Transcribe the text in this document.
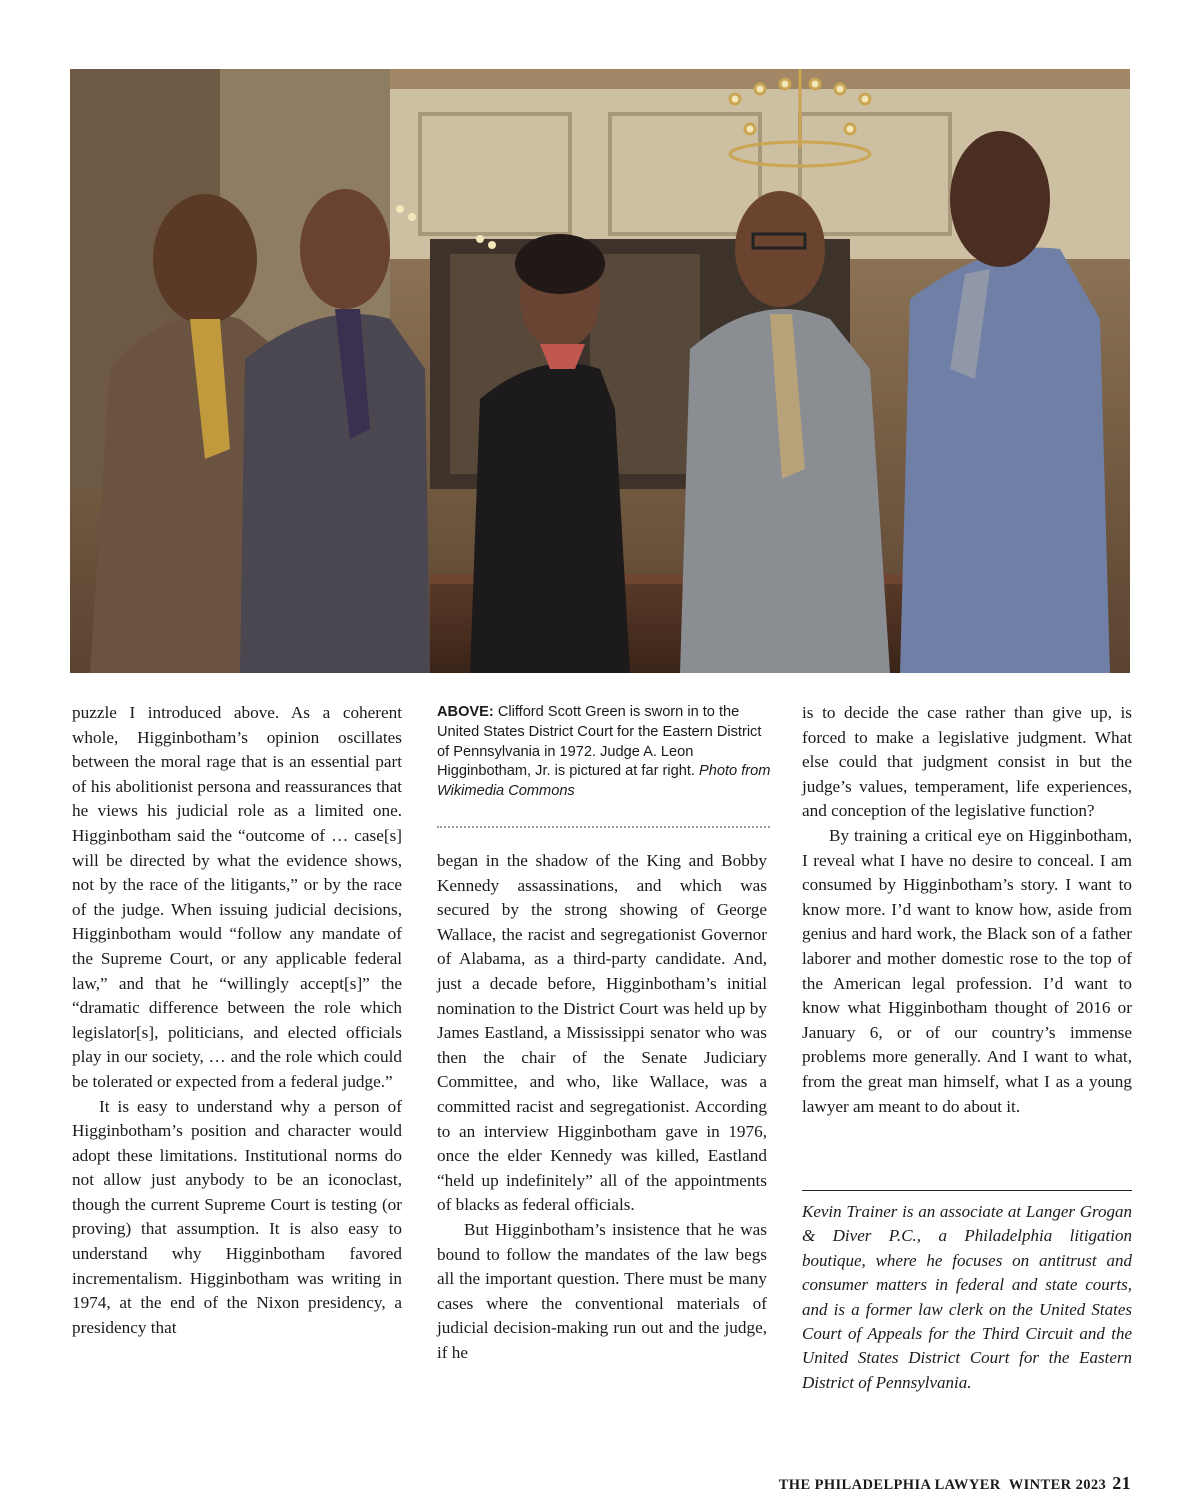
puzzle I introduced above. As a coherent whole, Higginbotham’s opinion oscillates between the moral rage that is an essential part of his abolitionist persona and reassurances that he views his judicial role as a limited one. Higginbotham said the “outcome of … case[s] will be directed by what the evidence shows, not by the race of the litigants,” or by the race of the judge. When issuing judicial decisions, Higginbotham would “follow any mandate of the Supreme Court, or any applicable federal law,” and that he “willingly accept[s]” the “dramatic difference between the role which legislator[s], politicians, and elected officials play in our society, … and the role which could be tolerated or expected from a federal judge.”

It is easy to understand why a person of Higginbotham’s position and character would adopt these limitations. Institutional norms do not allow just anybody to be an iconoclast, though the current Supreme Court is testing (or proving) that assumption. It is also easy to understand why Higginbotham favored incrementalism. Higginbotham was writing in 1974, at the end of the Nixon presidency, a presidency that

ABOVE: Clifford Scott Green is sworn in to the United States District Court for the Eastern District of Pennsylvania in 1972. Judge A. Leon Higginbotham, Jr. is pictured at far right. Photo from Wikimedia Commons

began in the shadow of the King and Bobby Kennedy assassinations, and which was secured by the strong showing of George Wallace, the racist and segregationist Governor of Alabama, as a third-party candidate. And, just a decade before, Higginbotham’s initial nomination to the District Court was held up by James Eastland, a Mississippi senator who was then the chair of the Senate Judiciary Committee, and who, like Wallace, was a committed racist and segregationist. According to an interview Higginbotham gave in 1976, once the elder Kennedy was killed, Eastland “held up indefinitely” all of the appointments of blacks as federal officials.

But Higginbotham’s insistence that he was bound to follow the mandates of the law begs all the important question. There must be many cases where the conventional materials of judicial decision-making run out and the judge, if he

is to decide the case rather than give up, is forced to make a legislative judgment. What else could that judgment consist in but the judge’s values, temperament, life experiences, and conception of the legislative function?

By training a critical eye on Higginbotham, I reveal what I have no desire to conceal. I am consumed by Higginbotham’s story. I want to know more. I’d want to know how, aside from genius and hard work, the Black son of a father laborer and mother domestic rose to the top of the American legal profession. I’d want to know what Higginbotham thought of 2016 or January 6, or of our country’s immense problems more generally. And I want to what, from the great man himself, what I as a young lawyer am meant to do about it.

Kevin Trainer is an associate at Langer Grogan & Diver P.C., a Philadelphia litigation boutique, where he focuses on antitrust and consumer matters in federal and state courts, and is a former law clerk on the United States Court of Appeals for the Third Circuit and the United States District Court for the Eastern District of Pennsylvania.
THE PHILADELPHIA LAWYER WINTER 2023 21
